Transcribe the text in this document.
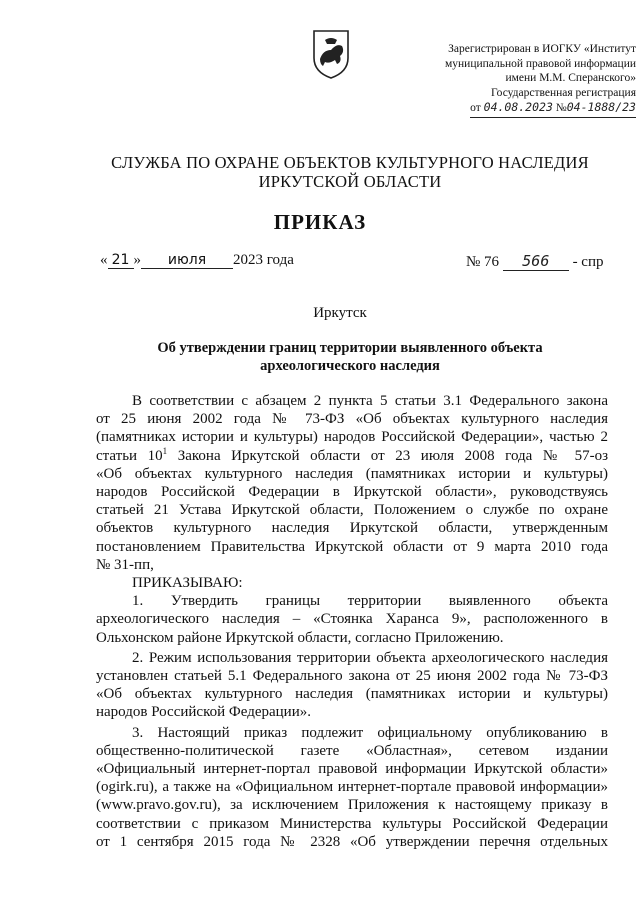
Зарегистрирован в ИОГКУ «Институт
муниципальной правовой информации
имени М.М. Сперанского»
Государственная регистрация
от 04.08.2023 №04-1888/23
СЛУЖБА ПО ОХРАНЕ ОБЪЕКТОВ КУЛЬТУРНОГО НАСЛЕДИЯ
ИРКУТСКОЙ ОБЛАСТИ
ПРИКАЗ
« 21 » июля 2023 года	№ 76 566 - спр
Иркутск
Об утверждении границ территории выявленного объекта
археологического наследия

В соответствии с абзацем 2 пункта 5 статьи 3.1 Федерального закона

от 25 июня 2002 года № 73-ФЗ «Об объектах культурного наследия

(памятниках истории и культуры) народов Российской Федерации», частью 2

статьи $10^1$ Закона Иркутской области от 23 июля 2008 года № 57-оз

«Об объектах культурного наследия (памятниках истории и культуры)

народов Российской Федерации в Иркутской области», руководствуясь

статьей 21 Устава Иркутской области, Положением о службе по охране

объектов культурного наследия Иркутской области, утвержденным

постановлением Правительства Иркутской области от 9 марта 2010 года

№ 31-пп,

ПРИКАЗЫВАЮ:

1. Утвердить границы территории выявленного объекта

археологического наследия – «Стоянка Харанса 9», расположенного в

Ольхонском районе Иркутской области, согласно Приложению.

2. Режим использования территории объекта археологического наследия

установлен статьей 5.1 Федерального закона от 25 июня 2002 года № 73-ФЗ

«Об объектах культурного наследия (памятниках истории и культуры)

народов Российской Федерации».

3. Настоящий приказ подлежит официальному опубликованию в

общественно-политической газете «Областная», сетевом издании

«Официальный интернет-портал правовой информации Иркутской области»

(ogirk.ru), а также на «Официальном интернет-портале правовой информации»

(www.pravo.gov.ru), за исключением Приложения к настоящему приказу в

соответствии с приказом Министерства культуры Российской Федерации

от 1 сентября 2015 года № 2328 «Об утверждении перечня отдельных
